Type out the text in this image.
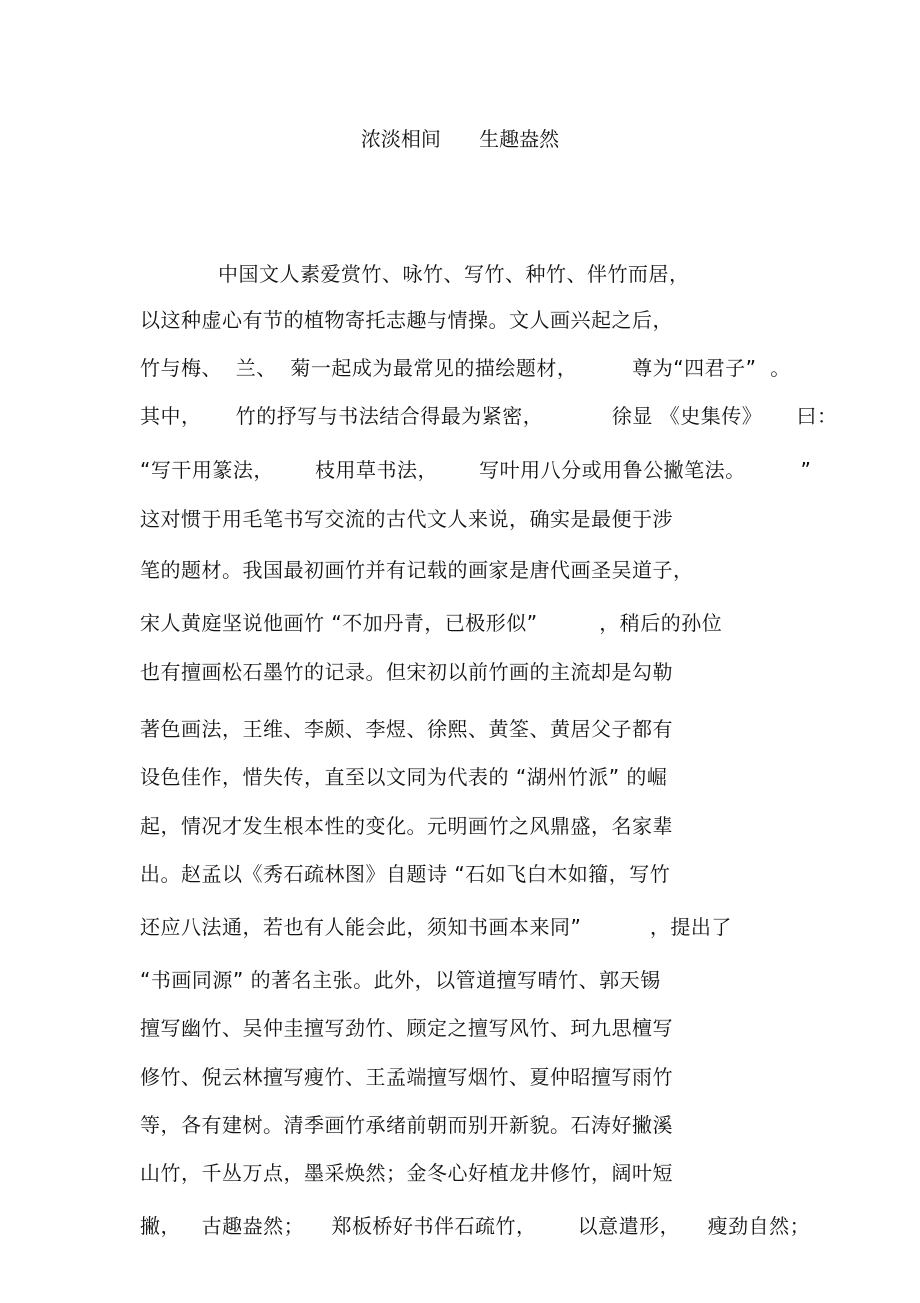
浓淡相间      生趣盎然
中国文人素爱赏竹、咏竹、写竹、种竹、伴竹而居，
以这种虚心有节的植物寄托志趣与情操。文人画兴起之后，
竹与梅、  兰、  菊一起成为最常见的描绘题材，        尊为“四君子”  。
其中，     竹的抒写与书法结合得最为紧密，          徐显 《史集传》     曰：
“写干用篆法，      枝用草书法，      写叶用八分或用鲁公撇笔法。        ”
这对惯于用毛笔书写交流的古代文人来说，确实是最便于涉
笔的题材。我国最初画竹并有记载的画家是唐代画圣吴道子，
宋人黄庭坚说他画竹 “不加丹青，已极形似”         ，稍后的孙位
也有擅画松石墨竹的记录。但宋初以前竹画的主流却是勾勒
著色画法，王维、李颇、李煜、徐熙、黄筌、黄居父子都有
设色佳作，惜失传，直至以文同为代表的 “湖州竹派” 的崛
起，情况才发生根本性的变化。元明画竹之风鼎盛，名家辈
出。赵孟以《秀石疏林图》自题诗 “石如飞白木如籀，写竹
还应八法通，若也有人能会此，须知书画本来同”          ，提出了
“书画同源” 的著名主张。此外，以管道擅写晴竹、郭天锡
擅写幽竹、吴仲圭擅写劲竹、顾定之擅写风竹、珂九思檀写
修竹、倪云林擅写瘦竹、王孟端擅写烟竹、夏仲昭擅写雨竹
等，各有建树。清季画竹承绪前朝而别开新貌。石涛好撇溪
山竹，千丛万点，墨采焕然；金冬心好植龙井修竹，阔叶短
撇，   古趣盎然；    郑板桥好书伴石疏竹，      以意遣形，    瘦劲自然；
